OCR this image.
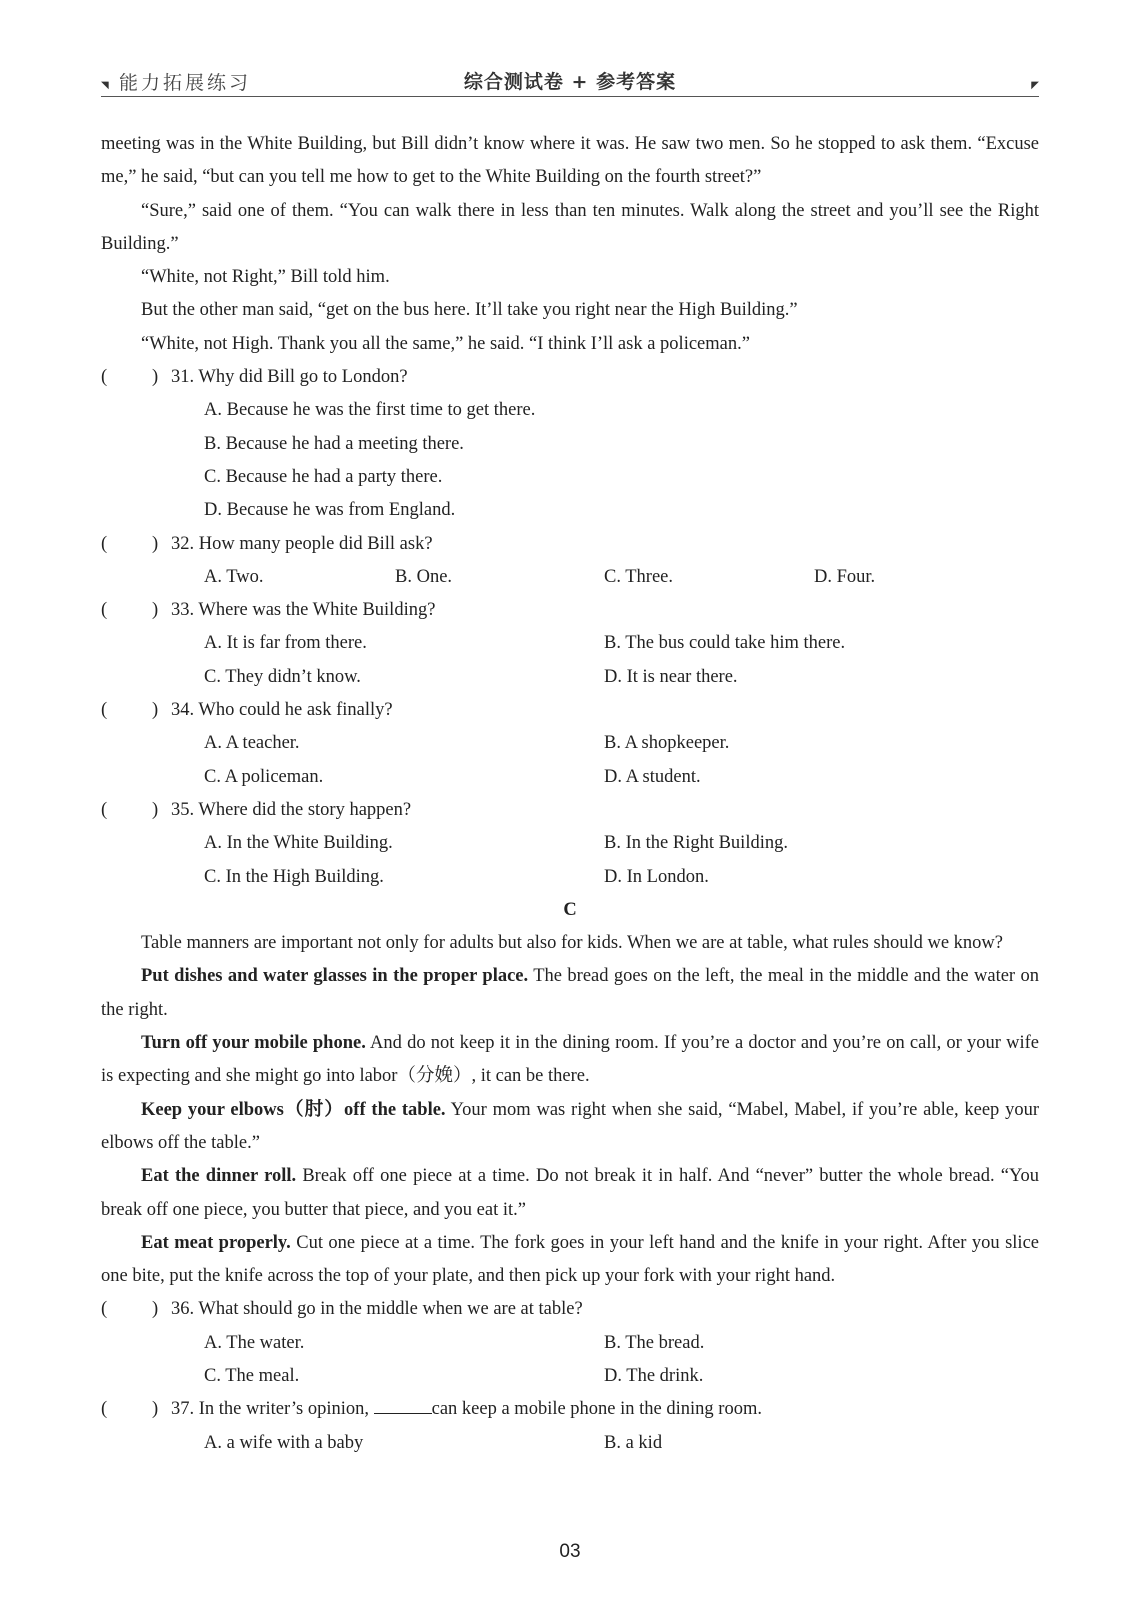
◥ 能力拓展练习	综合测试卷 + 参考答案	◤

meeting was in the White Building, but Bill didn’t know where it was. He saw two men. So he stopped to ask them. “Excuse me,” he said, “but can you tell me how to get to the White Building on the fourth street?”

“Sure,” said one of them. “You can walk there in less than ten minutes. Walk along the street and you’ll see the Right Building.”

“White, not Right,” Bill told him.

But the other man said, “get on the bus here. It’ll take you right near the High Building.”

“White, not High. Thank you all the same,” he said. “I think I’ll ask a policeman.”

( ) 31. Why did Bill go to London?
A. Because he was the first time to get there.
B. Because he had a meeting there.
C. Because he had a party there.
D. Because he was from England.
( ) 32. How many people did Bill ask?
A. Two.	B. One.	C. Three.	D. Four.
( ) 33. Where was the White Building?
A. It is far from there.	B. The bus could take him there.
C. They didn’t know.	D. It is near there.
( ) 34. Who could he ask finally?
A. A teacher.	B. A shopkeeper.
C. A policeman.	D. A student.
( ) 35. Where did the story happen?
A. In the White Building.	B. In the Right Building.
C. In the High Building.	D. In London.
C

Table manners are important not only for adults but also for kids. When we are at table, what rules should we know?

Put dishes and water glasses in the proper place. The bread goes on the left, the meal in the middle and the water on the right.

Turn off your mobile phone. And do not keep it in the dining room. If you’re a doctor and you’re on call, or your wife is expecting and she might go into labor（分娩）, it can be there.

Keep your elbows（肘）off the table. Your mom was right when she said, “Mabel, Mabel, if you’re able, keep your elbows off the table.”

Eat the dinner roll. Break off one piece at a time. Do not break it in half. And “never” butter the whole bread. “You break off one piece, you butter that piece, and you eat it.”

Eat meat properly. Cut one piece at a time. The fork goes in your left hand and the knife in your right. After you slice one bite, put the knife across the top of your plate, and then pick up your fork with your right hand.

( ) 36. What should go in the middle when we are at table?
A. The water.	B. The bread.
C. The meal.	D. The drink.
( ) 37. In the writer’s opinion,	can keep a mobile phone in the dining room.
A. a wife with a baby	B. a kid
03
